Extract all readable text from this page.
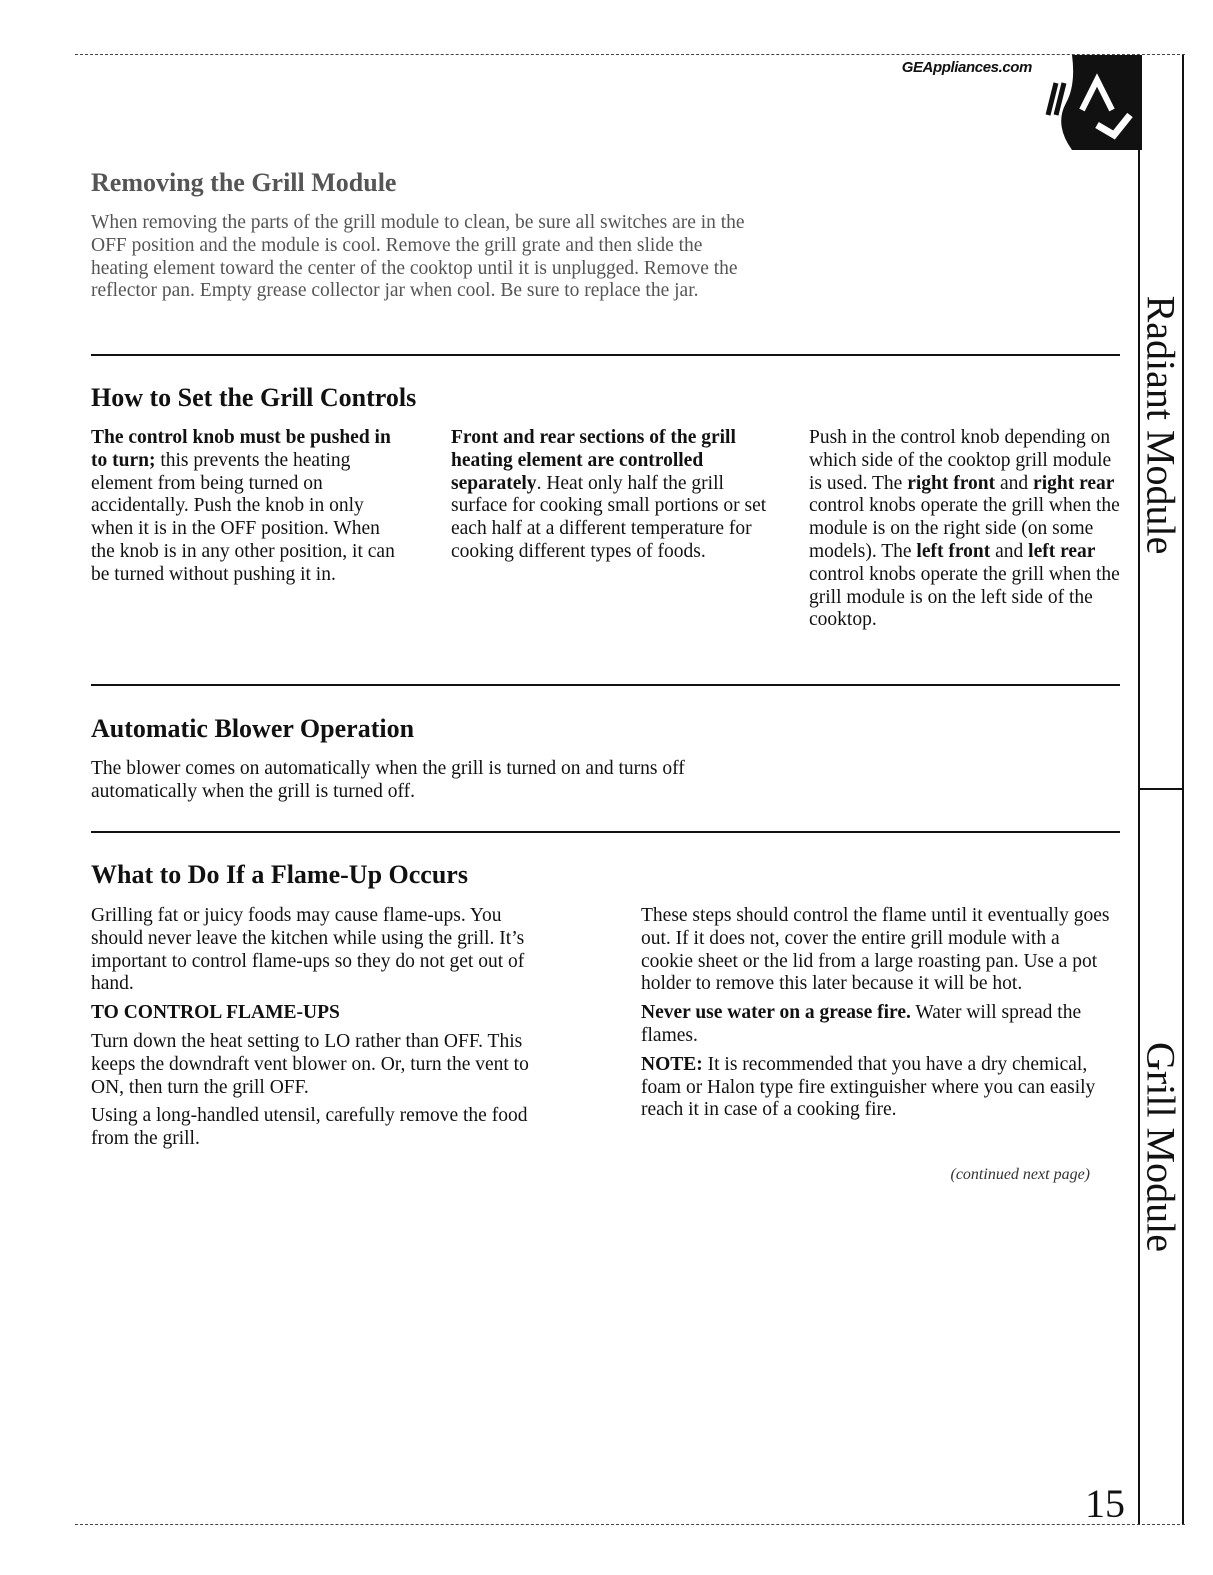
GEAppliances.com
Radiant Module
Grill Module
Removing the Grill Module

When removing the parts of the grill module to clean, be sure all switches are in the OFF position and the module is cool. Remove the grill grate and then slide the heating element toward the center of the cooktop until it is unplugged. Remove the reflector pan. Empty grease collector jar when cool. Be sure to replace the jar.

How to Set the Grill Controls

The control knob must be pushed in to turn; this prevents the heating element from being turned on accidentally. Push the knob in only when it is in the OFF position. When the knob is in any other position, it can be turned without pushing it in.

Front and rear sections of the grill heating element are controlled separately. Heat only half the grill surface for cooking small portions or set each half at a different temperature for cooking different types of foods.

Push in the control knob depending on which side of the cooktop grill module is used. The right front and right rear control knobs operate the grill when the module is on the right side (on some models). The left front and left rear control knobs operate the grill when the grill module is on the left side of the cooktop.

Automatic Blower Operation

The blower comes on automatically when the grill is turned on and turns off automatically when the grill is turned off.

What to Do If a Flame-Up Occurs

Grilling fat or juicy foods may cause flame-ups. You should never leave the kitchen while using the grill. It’s important to control flame-ups so they do not get out of hand.

TO CONTROL FLAME-UPS

Turn down the heat setting to LO rather than OFF. This keeps the downdraft vent blower on. Or, turn the vent to ON, then turn the grill OFF.

Using a long-handled utensil, carefully remove the food from the grill.

These steps should control the flame until it eventually goes out. If it does not, cover the entire grill module with a cookie sheet or the lid from a large roasting pan. Use a pot holder to remove this later because it will be hot.

Never use water on a grease fire. Water will spread the flames.

NOTE: It is recommended that you have a dry chemical, foam or Halon type fire extinguisher where you can easily reach it in case of a cooking fire.

(continued next page)
15
